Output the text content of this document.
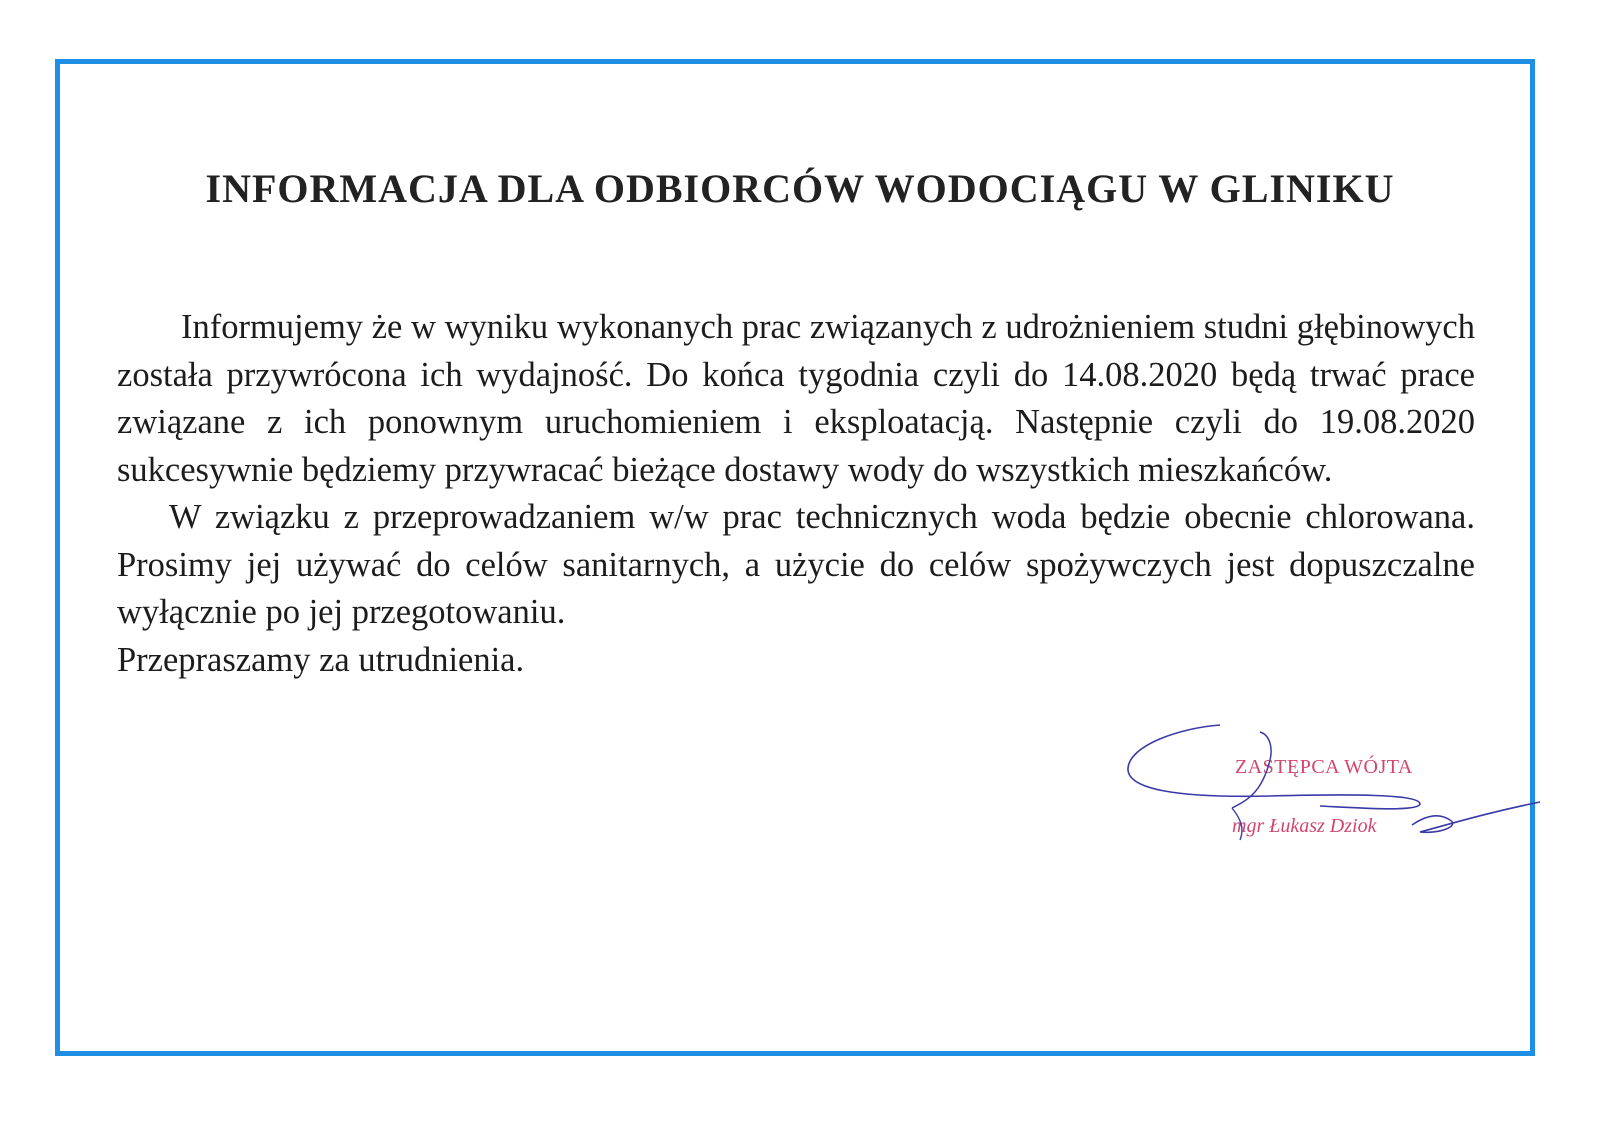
INFORMACJA DLA ODBIORCÓW WODOCIĄGU W GLINIKU

Informujemy że w wyniku wykonanych prac związanych z udrożnieniem studni głębinowych została przywrócona ich wydajność. Do końca tygodnia czyli do 14.08.2020 będą trwać prace związane z ich ponownym uruchomieniem i eksploatacją. Następnie czyli do 19.08.2020 sukcesywnie będziemy przywracać bieżące dostawy wody do wszystkich mieszkańców.

W związku z przeprowadzaniem w/w prac technicznych woda będzie obecnie chlorowana. Prosimy jej używać do celów sanitarnych, a użycie do celów spożywczych jest dopuszczalne wyłącznie po jej przegotowaniu.

Przepraszamy za utrudnienia.

ZASTĘPCA WÓJTA
mgr Łukasz Dziok
